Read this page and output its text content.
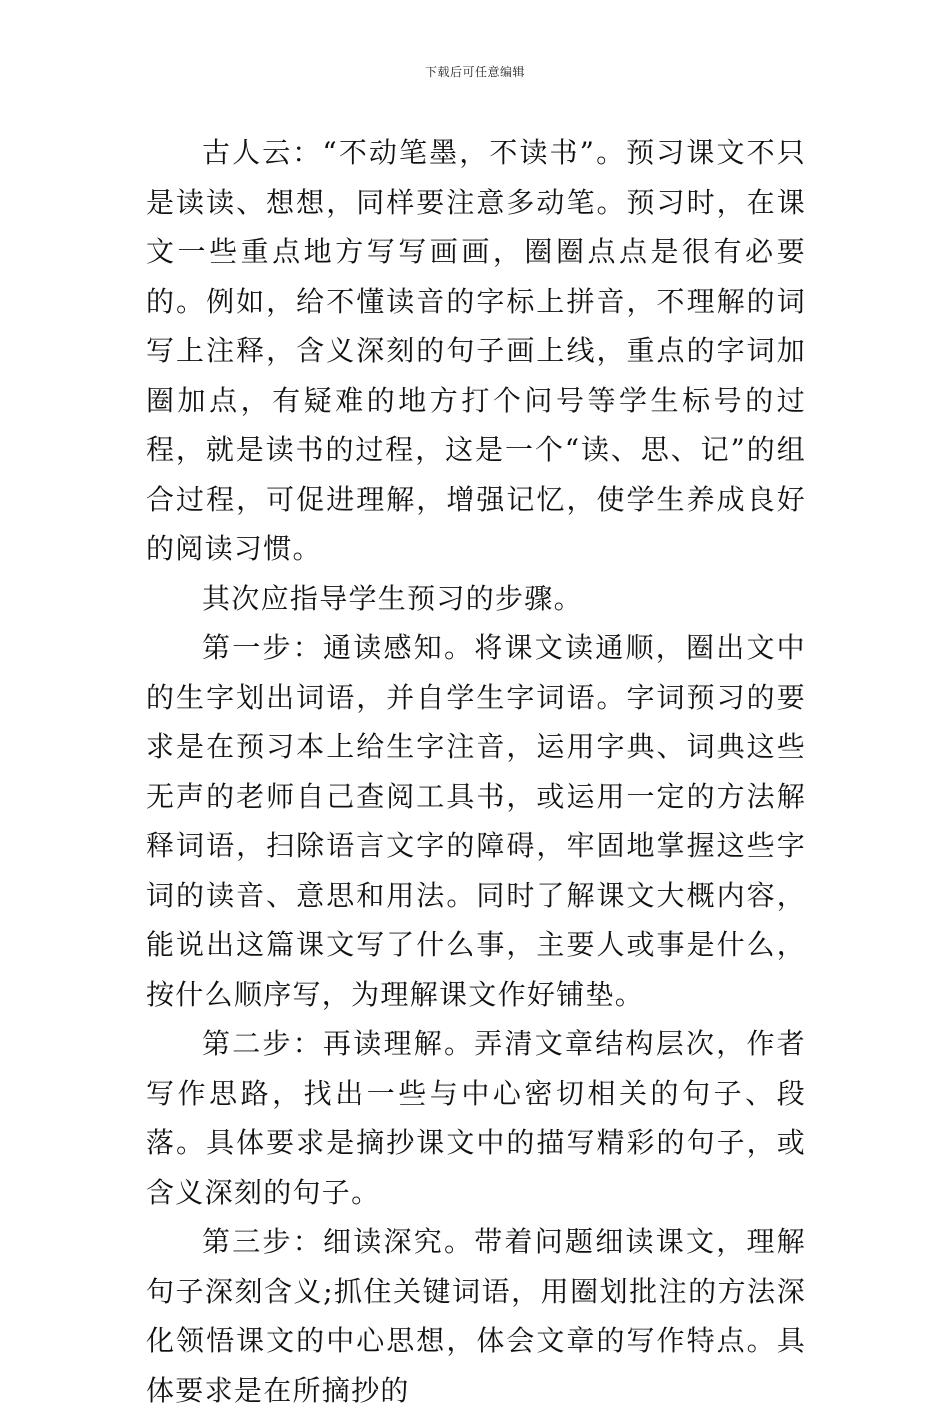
下载后可任意编辑

古人云：“不动笔墨，不读书”。预习课文不只是读读、想想，同样要注意多动笔。预习时，在课文一些重点地方写写画画，圈圈点点是很有必要的。例如，给不懂读音的字标上拼音，不理解的词写上注释，含义深刻的句子画上线，重点的字词加圈加点，有疑难的地方打个问号等学生标号的过程，就是读书的过程，这是一个“读、思、记”的组合过程，可促进理解，增强记忆，使学生养成良好的阅读习惯。

其次应指导学生预习的步骤。

第一步：通读感知。将课文读通顺，圈出文中的生字划出词语，并自学生字词语。字词预习的要求是在预习本上给生字注音，运用字典、词典这些无声的老师自己查阅工具书，或运用一定的方法解释词语，扫除语言文字的障碍，牢固地掌握这些字词的读音、意思和用法。同时了解课文大概内容，能说出这篇课文写了什么事，主要人或事是什么，按什么顺序写，为理解课文作好铺垫。

第二步：再读理解。弄清文章结构层次，作者写作思路，找出一些与中心密切相关的句子、段落。具体要求是摘抄课文中的描写精彩的句子，或含义深刻的句子。

第三步：细读深究。带着问题细读课文，理解句子深刻含义;抓住关键词语，用圈划批注的方法深化领悟课文的中心思想，体会文章的写作特点。具体要求是在所摘抄的
